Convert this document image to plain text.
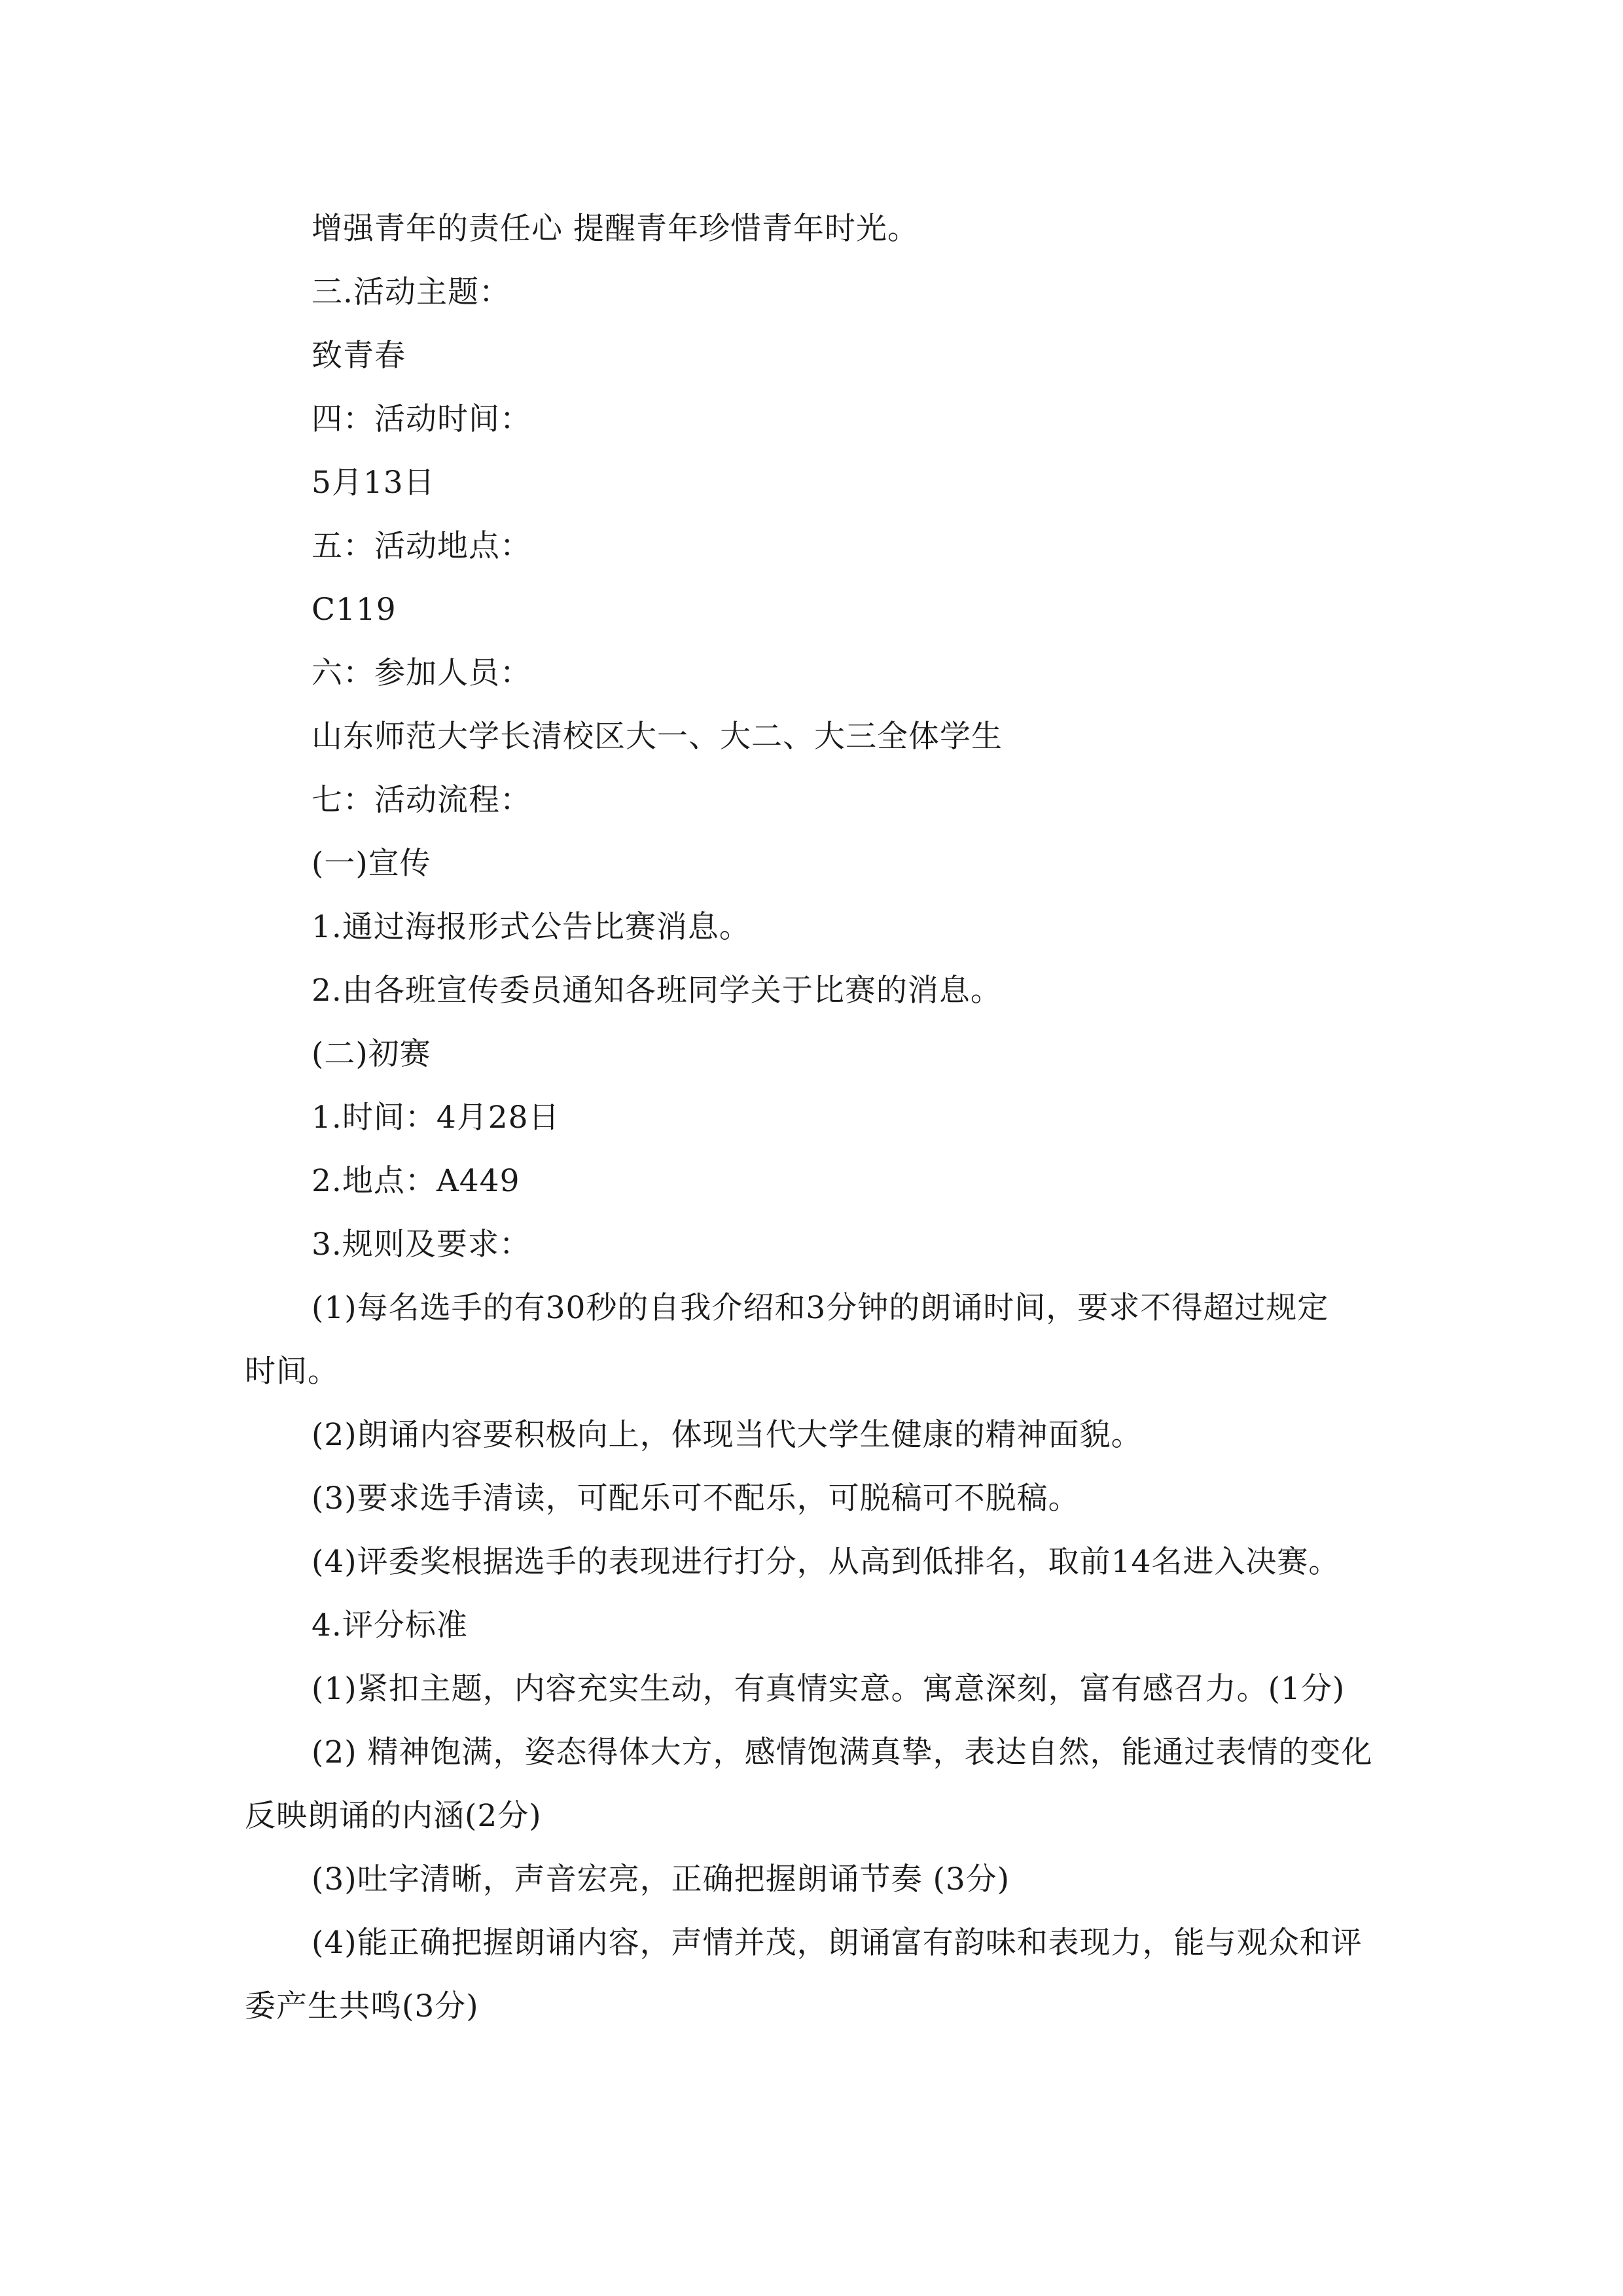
增强青年的责任心 提醒青年珍惜青年时光。
三.活动主题：
致青春
四：活动时间：
5月13日
五：活动地点：
C119
六：参加人员：
山东师范大学长清校区大一、大二、大三全体学生
七：活动流程：
(一)宣传
1.通过海报形式公告比赛消息。
2.由各班宣传委员通知各班同学关于比赛的消息。
(二)初赛
1.时间：4月28日
2.地点：A449
3.规则及要求：
(1)每名选手的有30秒的自我介绍和3分钟的朗诵时间，要求不得超过规定
时间。
(2)朗诵内容要积极向上，体现当代大学生健康的精神面貌。
(3)要求选手清读，可配乐可不配乐，可脱稿可不脱稿。
(4)评委奖根据选手的表现进行打分，从高到低排名，取前14名进入决赛。
4.评分标准
(1)紧扣主题，内容充实生动，有真情实意。寓意深刻，富有感召力。(1分)
(2) 精神饱满，姿态得体大方，感情饱满真挚，表达自然，能通过表情的变化
反映朗诵的内涵(2分)
(3)吐字清晰，声音宏亮，正确把握朗诵节奏 (3分)
(4)能正确把握朗诵内容，声情并茂，朗诵富有韵味和表现力，能与观众和评
委产生共鸣(3分)
